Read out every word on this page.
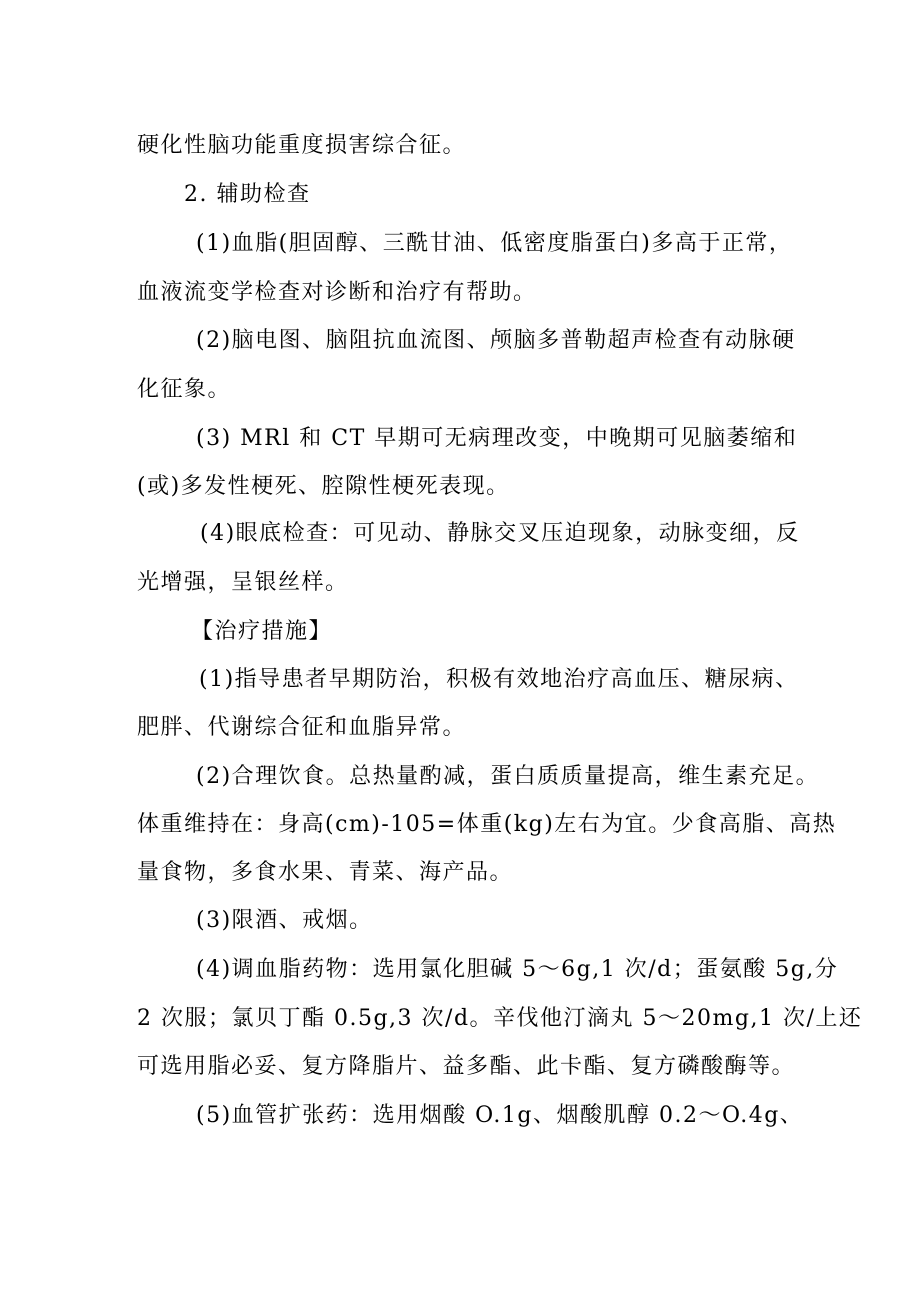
硬化性脑功能重度损害综合征。
2. 辅助检查
(1)血脂(胆固醇、三酰甘油、低密度脂蛋白)多高于正常，
血液流变学检查对诊断和治疗有帮助。
(2)脑电图、脑阻抗血流图、颅脑多普勒超声检查有动脉硬
化征象。
(3) MRl 和 CT 早期可无病理改变，中晚期可见脑萎缩和
(或)多发性梗死、腔隙性梗死表现。
(4)眼底检查：可见动、静脉交叉压迫现象，动脉变细，反
光增强，呈银丝样。
【治疗措施】
(1)指导患者早期防治，积极有效地治疗高血压、糖尿病、
肥胖、代谢综合征和血脂异常。
(2)合理饮食。总热量酌减，蛋白质质量提高，维生素充足。
体重维持在：身高(cm)-105=体重(kg)左右为宜。少食高脂、高热
量食物，多食水果、青菜、海产品。
(3)限酒、戒烟。
(4)调血脂药物：选用氯化胆碱 5～6g,1 次/d；蛋氨酸 5g,分
2 次服；氯贝丁酯 0.5g,3 次/d。辛伐他汀滴丸 5～20mg,1 次/上还
可选用脂必妥、复方降脂片、益多酯、此卡酯、复方磷酸酶等。
(5)血管扩张药：选用烟酸 O.1g、烟酸肌醇 0.2～O.4g、
